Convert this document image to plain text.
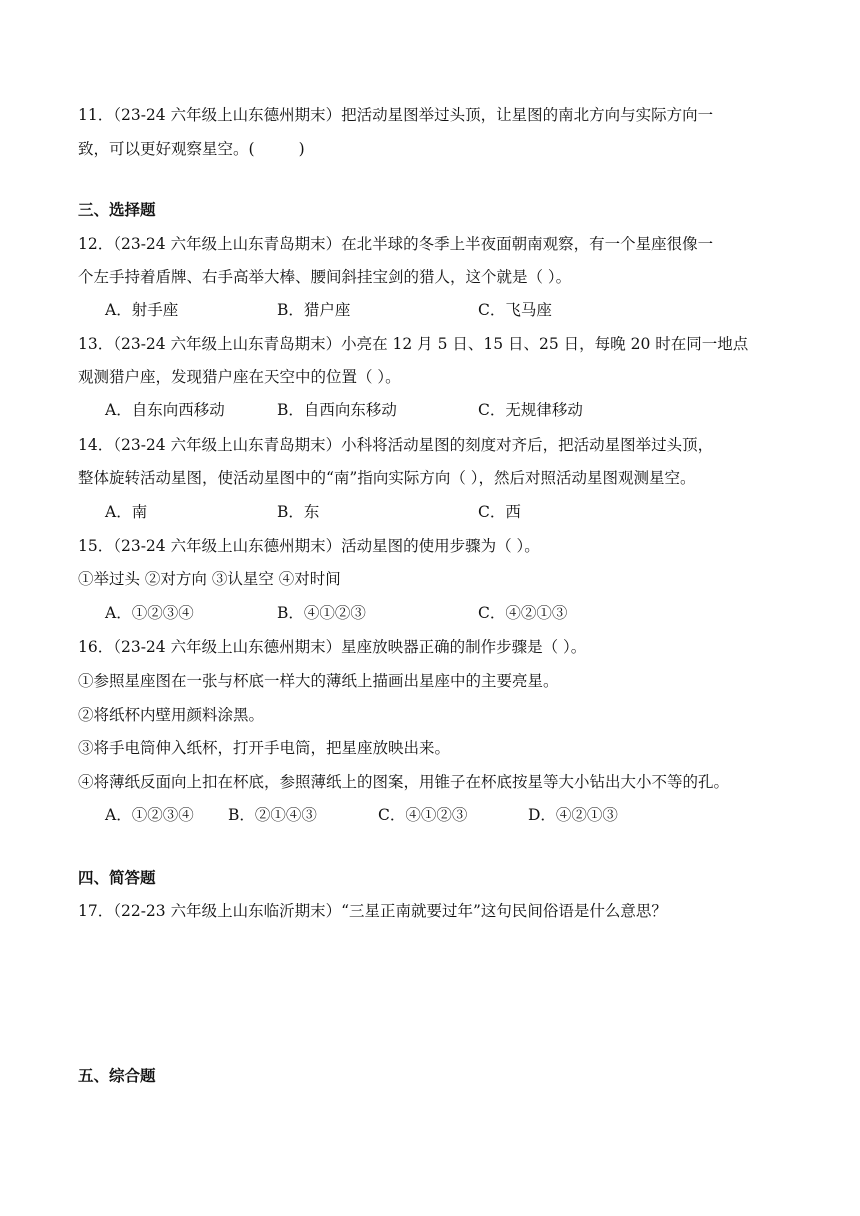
11．（23-24 六年级上山东德州期末）把活动星图举过头顶，让星图的南北方向与实际方向一
致，可以更好观察星空。(	)
三、选择题
12．（23-24 六年级上山东青岛期末）在北半球的冬季上半夜面朝南观察，有一个星座很像一
个左手持着盾牌、右手高举大棒、腰间斜挂宝剑的猎人，这个就是（ ）。
A．射手座	B．猎户座	C．飞马座
13．（23-24 六年级上山东青岛期末）小亮在 12 月 5 日、15 日、25 日，每晚 20 时在同一地点
观测猎户座，发现猎户座在天空中的位置（ ）。
A．自东向西移动	B．自西向东移动	C．无规律移动
14．（23-24 六年级上山东青岛期末）小科将活动星图的刻度对齐后，把活动星图举过头顶，
整体旋转活动星图，使活动星图中的“南”指向实际方向（ ），然后对照活动星图观测星空。
A．南	B．东	C．西
15．（23-24 六年级上山东德州期末）活动星图的使用步骤为（ ）。
①举过头 ②对方向 ③认星空 ④对时间
A．①②③④	B．④①②③	C．④②①③
16．（23-24 六年级上山东德州期末）星座放映器正确的制作步骤是（ ）。
①参照星座图在一张与杯底一样大的薄纸上描画出星座中的主要亮星。
②将纸杯内壁用颜料涂黑。
③将手电筒伸入纸杯，打开手电筒，把星座放映出来。
④将薄纸反面向上扣在杯底，参照薄纸上的图案，用锥子在杯底按星等大小钻出大小不等的孔。
A．①②③④ B．②①④③	C．④①②③	D．④②①③
四、简答题
17．（22-23 六年级上山东临沂期末）“三星正南就要过年”这句民间俗语是什么意思？
五、综合题
